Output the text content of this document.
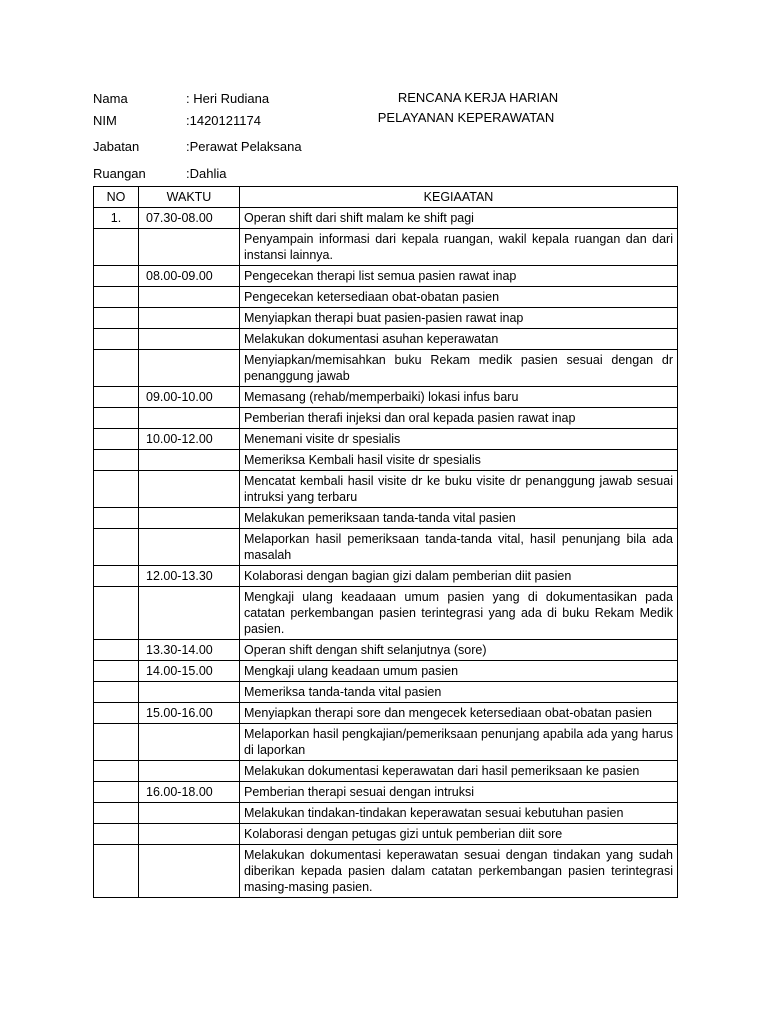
Nama	: Heri Rudiana
NIM	:1420121174
Jabatan	:Perawat Pelaksana
Ruangan	:Dahlia
RENCANA KERJA HARIAN
PELAYANAN KEPERAWATAN
NO	WAKTU	KEGIAATAN
1.	07.30-08.00	Operan shift dari shift malam ke shift pagi
		Penyampain informasi dari kepala ruangan, wakil kepala ruangan dan dari instansi lainnya.
	08.00-09.00	Pengecekan therapi list semua pasien rawat inap
		Pengecekan ketersediaan obat-obatan pasien
		Menyiapkan therapi buat pasien-pasien rawat inap
		Melakukan dokumentasi asuhan keperawatan
		Menyiapkan/memisahkan buku Rekam medik pasien sesuai dengan dr penanggung jawab
	09.00-10.00	Memasang (rehab/memperbaiki) lokasi infus baru
		Pemberian therafi injeksi dan oral kepada pasien rawat inap
	10.00-12.00	Menemani visite dr spesialis
		Memeriksa Kembali hasil visite dr spesialis
		Mencatat kembali hasil visite dr ke buku visite dr penanggung jawab sesuai intruksi yang terbaru
		Melakukan pemeriksaan tanda-tanda vital pasien
		Melaporkan hasil pemeriksaan tanda-tanda vital, hasil penunjang bila ada masalah
	12.00-13.30	Kolaborasi dengan bagian gizi dalam pemberian diit pasien
		Mengkaji ulang keadaaan umum pasien yang di dokumentasikan pada catatan perkembangan pasien terintegrasi yang ada di buku Rekam Medik pasien.
	13.30-14.00	Operan shift dengan shift selanjutnya (sore)
	14.00-15.00	Mengkaji ulang keadaan umum pasien
		Memeriksa tanda-tanda vital pasien
	15.00-16.00	Menyiapkan therapi sore dan mengecek ketersediaan obat-obatan pasien
		Melaporkan hasil pengkajian/pemeriksaan penunjang apabila ada yang harus di laporkan
		Melakukan dokumentasi keperawatan dari hasil pemeriksaan ke pasien
	16.00-18.00	Pemberian therapi sesuai dengan intruksi
		Melakukan tindakan-tindakan keperawatan sesuai kebutuhan pasien
		Kolaborasi dengan petugas gizi untuk pemberian diit sore
		Melakukan dokumentasi keperawatan sesuai dengan tindakan yang sudah diberikan kepada pasien dalam catatan perkembangan pasien terintegrasi masing-masing pasien.
